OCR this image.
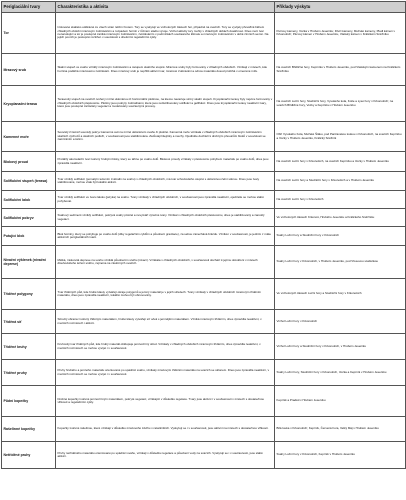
Periglaciální tvary	Charakteristika a aktivita	Příklady výskytu
Tor	Izolované skalisko oddělené ze všech stran něčím hrotem. Tory se vyskytují ve vrcholových částech hor, případně na svazích. Tory se vyvíjely převážně během chladných období mrazovým zvětráváním a rozpadem hornin v různém stádiu vývoje. Vrchol aktivity tory mohly v chladných dobách dosáhnout. Dnes není tvar nenarušující a tor je postupně zaniká mrazovým zvětráváním, zvětráváním v podmínkách současného klimatu a mrazovým zvětráváním v době zimních sezon. Na jejich povrch je postupně rozšířen v souvislosti s dnešními regelačními cykly.	Petrovy kameny, Vozka v Hrubém Jeseníku; Dívčí kameny, Mužské kameny, Pladl kámen v Krkonoších; Pěcový kámen v Hrubém Jeseníku, Vlašský kámen v Králickém Sněžníku
Mrazový srub	Skalní stupeň ve svahu vzniklý mrazovým zvětráváním a ústupem skalního stupně. Mrazové sruby byly formovány v chladných obdobích. Vznikají v místech, kde hornina podléhá mrazovému zvětrávání. Dnes mrazový srub je nepříliš aktivní tvar, mrazové zvětrávání a odnos materiálu dosud probíhá v omezené míře.	Na svazích Břidličné hory, Keprníku v Hrubém Jeseníku, pod Vlašským kamenem na Králickém Sněžníku
Kryoplanační terasa	Terasovitý stupeň na svazích tvořený mírně ukloněnou či horizontální plošinou, na kterou navazuje strmý skalní stupeň. Kryoplanační terasy byly nejvíce formovány v chladných obdobích pleistocénu. Plošiny jsou pokryty zvětralinami, které jsou redistribuovány soliflukcí a geliflukcí. Dnes jsou kryoplanační terasy neaktivní tvary, které jsou postupně zarůstány vegetací a modelovány současnými procesy.	Na svazích Luční hory, Studniční hory, Vysokého kola, Kotle a Lysé hory v Krkonoších; na svazích Břidličné hory, Vozky a Keprníku v Hrubém Jeseníku
Kamenné moře	Souvislý či téměř souvislý pokryv kamenné suti na mírně ukloněném svahu či plošině. Kamenná moře vznikala v chladných obdobích mrazovým zvětráváním skalních výchozů a skalních podloží, v současnosti jsou stabilizována. Zarůstají lišejníky a mechy. Ojediněle dochází k drobným přesunům bloků v souvislosti se zamrzáním a táním.	Obří Vysokého Kola, Mužské Štáku, pod Pančavskou loukou v Krkonoších, na svazích Keprníku a Vozky v Hrubém Jeseníku, Králický Sněžník
Blokový proud	Protáhlý akumulační tvar tvořený hrubými bloky, který se táhne po svahu dolů. Blokové proudy vznikaly v pleistocénu pohybem materiálu po svahu dolů, dnes jsou zpravidla neaktivní.	Na svazích Luční hory v Krkonoších, na svazích Keprníku a Vozky v Hrubém Jeseníku
Soliflukční stupeň (terasa)	Tvar vzniklý soliflukcí (pomalým tečením zvětralin na svahu) v chladných obdobích, má tvar schodovitého stupně s ukloněnou čelní stěnou. Dnes jsou tvary stabilizované, mohou však být lokálně aktivní.	Na svazích Luční hory a Studniční hory v Krkonoších a v Hrubém Jeseníku
Soliflukční lalok	Tvar vzniklý soliflukcí ve tvaru laloku (jazyka) na svahu. Tvary vznikaly v chladných obdobích, v současnosti jsou zpravidla neaktivní, ojediněle se mohou slabě pohybovat.	Na svazích Luční hory v Krkonoších
Soliflukční pokryv	Svahový sediment vzniklý soliflukcí, pokrývá svahy plošně a nevytváří výrazné tvary. Vznikal v chladných obdobích pleistocénu, dnes je stabilizovaný a zarostlý vegetací.	Ve vrcholových částech Krkonoš, Hrubého Jeseníku a Králického Sněžníku
Putující blok	Blok horniny, který se pohybuje po svahu dolů (díky regelačním cyklům a působení gravitace), za sebou zanechává brázdu. Vzniká i v současnosti, je jedním z mála aktivních periglaciálních tvarů.	Svahy Luční hory a Studniční hory v Krkonoších
Nivační výklenek (nivační deprese)	Mělká, miskovitá deprese na svahu vzniklá působením sněhu (nivací). Vznikala v chladných obdobích, v současnosti dochází k jejímu dotváření v místech dlouhodobého ležení sněhu, zejména na závětrných svazích.	Svahy Luční hory v Krkonoších, v Hrubém Jeseníku, pod Vřesovou studánkou
Tříděné polygony	Tvar tříděných půd, kde hrubé klasty vytvářejí okraje polygonů a jemný materiál je v jejich středech. Tvary vznikaly v chladných obdobích mrazovým tříděním materiálu, dnes jsou zpravidla neaktivní, lokálně mohou být obnovovány.	Ve vrcholových částech Luční hory a Studniční hory v Krkonoších
Tříděná síť	Síťovitý obrazec tvořený tříděným materiálem, hrubé klasty vytvářejí síť oček s jemnějším materiálem. Vzniká mrazovým tříděním, dnes zpravidla neaktivní, v menších rozměrech i aktivní.	Vrchol Luční hory v Krkonoších
Tříděné kruhy	Kruhovitý tvar tříděných půd, kde hrubý materiál obklopuje jemnozrnný střed. Vznikaly v chladných obdobích mrazovým tříděním, dnes zpravidla neaktivní, v menších rozměrech se mohou vyvíjet i v současnosti.	Vrchol Luční hory a Studniční hory v Krkonoších, v Hrubém Jeseníku
Tříděné pruhy	Pruhy hrubého a jemného materiálu orientované po spádnici svahu, vznikaly mrazovým tříděním materiálu na svazích se sklonem. Dnes jsou zpravidla neaktivní, v menších rozměrech se mohou vyvíjet i v současnosti.	Svahy Luční hory, Studniční hory v Krkonoších, Vozka a Keprník v Hrubém Jeseníku
Půdní kopečky	Drobné kopečky tvořené jemnozrnným materiálem, pokryté vegetací, vznikající v důsledku regelace. Tvary jsou aktivní i v současnosti v místech s dostatečnou vlhkostí a regelačními cykly.	Keprník a Praděd v Hrubém Jeseníku
Rašelinné kopečky	Kopečky tvořené rašelinou, které vznikají v důsledku mrazového zdvihu v rašeliništích. Vyskytují se i v současnosti, jsou aktivní na místech s dostatečnou vlhkostí.	Bílá louka v Krkonoších; Keprník, Červená hora, Velký Máj v Hrubém Jeseníku
Netříděné pruhy	Pruhy netříděného materiálu orientované po spádnici svahu, vznikají v důsledku regelace a působení vody na svazích. Vyskytují se i v současnosti, jsou slabě aktivní.	Svahy Luční hory v Krkonoších, Keprník v Hrubém Jeseníku
